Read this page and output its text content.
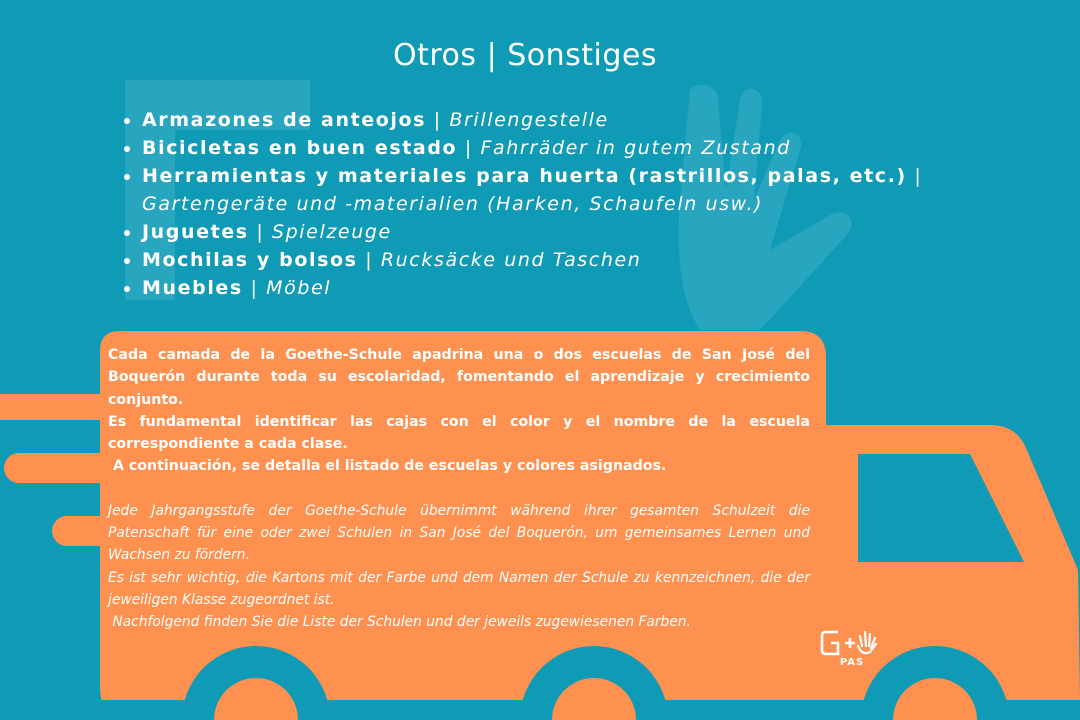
Otros | Sonstiges
• Armazones de anteojos | Brillengestelle
• Bicicletas en buen estado | Fahrräder in gutem Zustand
• Herramientas y materiales para huerta (rastrillos, palas, etc.) | Gartengeräte und -materialien (Harken, Schaufeln usw.)
• Juguetes | Spielzeuge
• Mochilas y bolsos | Rucksäcke und Taschen
• Muebles | Möbel

Cada camada de la Goethe-Schule apadrina una o dos escuelas de San José del Boquerón durante toda su escolaridad, fomentando el aprendizaje y crecimiento conjunto.

Es fundamental identificar las cajas con el color y el nombre de la escuela correspondiente a cada clase.

A continuación, se detalla el listado de escuelas y colores asignados.

Jede Jahrgangsstufe der Goethe-Schule übernimmt während ihrer gesamten Schulzeit die Patenschaft für eine oder zwei Schulen in San José del Boquerón, um gemeinsames Lernen und Wachsen zu fördern.

Es ist sehr wichtig, die Kartons mit der Farbe und dem Namen der Schule zu kennzeichnen, die der jeweiligen Klasse zugeordnet ist.

Nachfolgend finden Sie die Liste der Schulen und der jeweils zugewiesenen Farben.

PAS
